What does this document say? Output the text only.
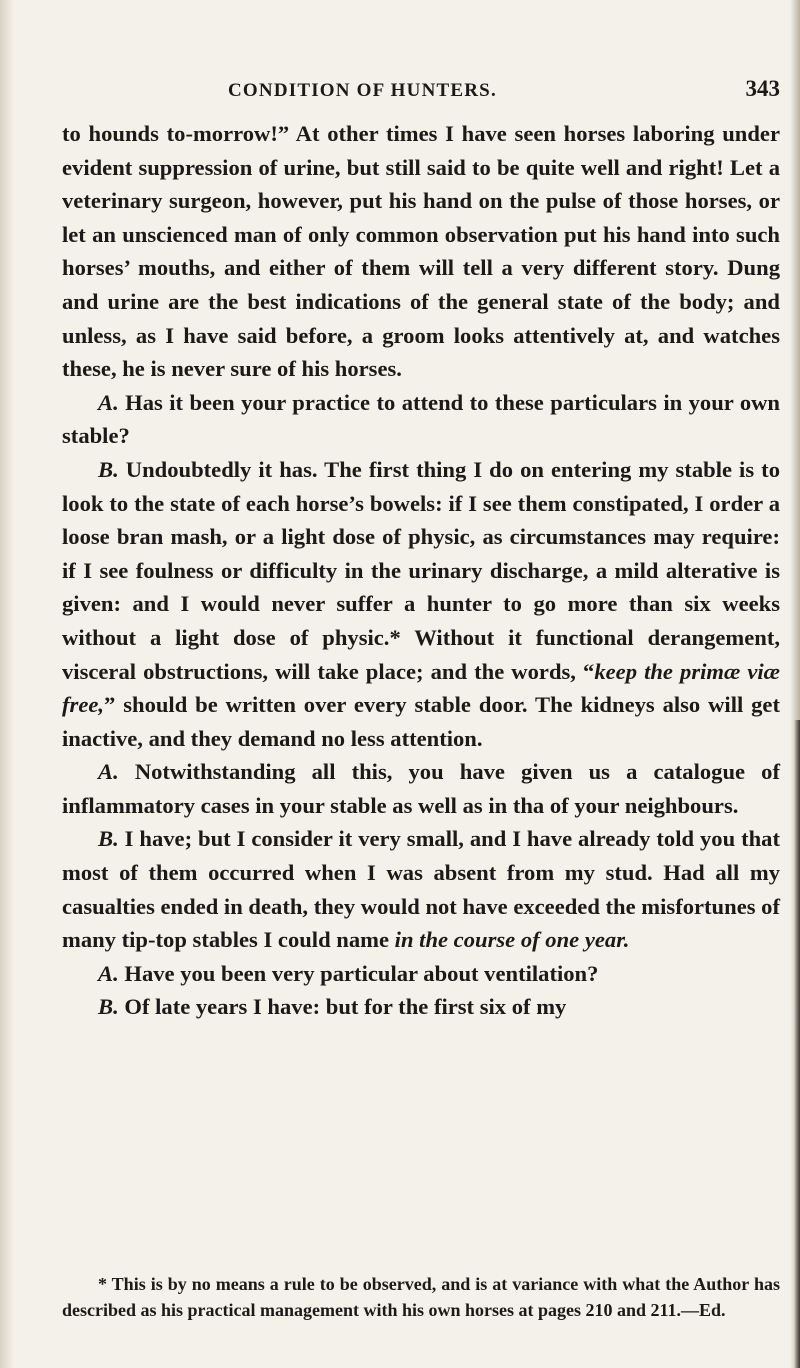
CONDITION OF HUNTERS.	343

to hounds to-morrow!” At other times I have seen horses laboring under evident suppression of urine, but still said to be quite well and right! Let a veterinary surgeon, however, put his hand on the pulse of those horses, or let an unscienced man of only common observation put his hand into such horses’ mouths, and either of them will tell a very different story. Dung and urine are the best indications of the general state of the body; and unless, as I have said before, a groom looks attentively at, and watches these, he is never sure of his horses.

A. Has it been your practice to attend to these particulars in your own stable?

B. Undoubtedly it has. The first thing I do on entering my stable is to look to the state of each horse’s bowels: if I see them constipated, I order a loose bran mash, or a light dose of physic, as circumstances may require: if I see foulness or difficulty in the urinary discharge, a mild alterative is given: and I would never suffer a hunter to go more than six weeks without a light dose of physic.* Without it functional derangement, visceral obstructions, will take place; and the words, “keep the primæ viæ free,” should be written over every stable door. The kidneys also will get inactive, and they demand no less attention.

A. Notwithstanding all this, you have given us a catalogue of inflammatory cases in your stable as well as in tha of your neighbours.

B. I have; but I consider it very small, and I have already told you that most of them occurred when I was absent from my stud. Had all my casualties ended in death, they would not have exceeded the misfortunes of many tip-top stables I could name in the course of one year.

A. Have you been very particular about ventilation?

B. Of late years I have: but for the first six of my

* This is by no means a rule to be observed, and is at variance with what the Author has described as his practical management with his own horses at pages 210 and 211.—Ed.
